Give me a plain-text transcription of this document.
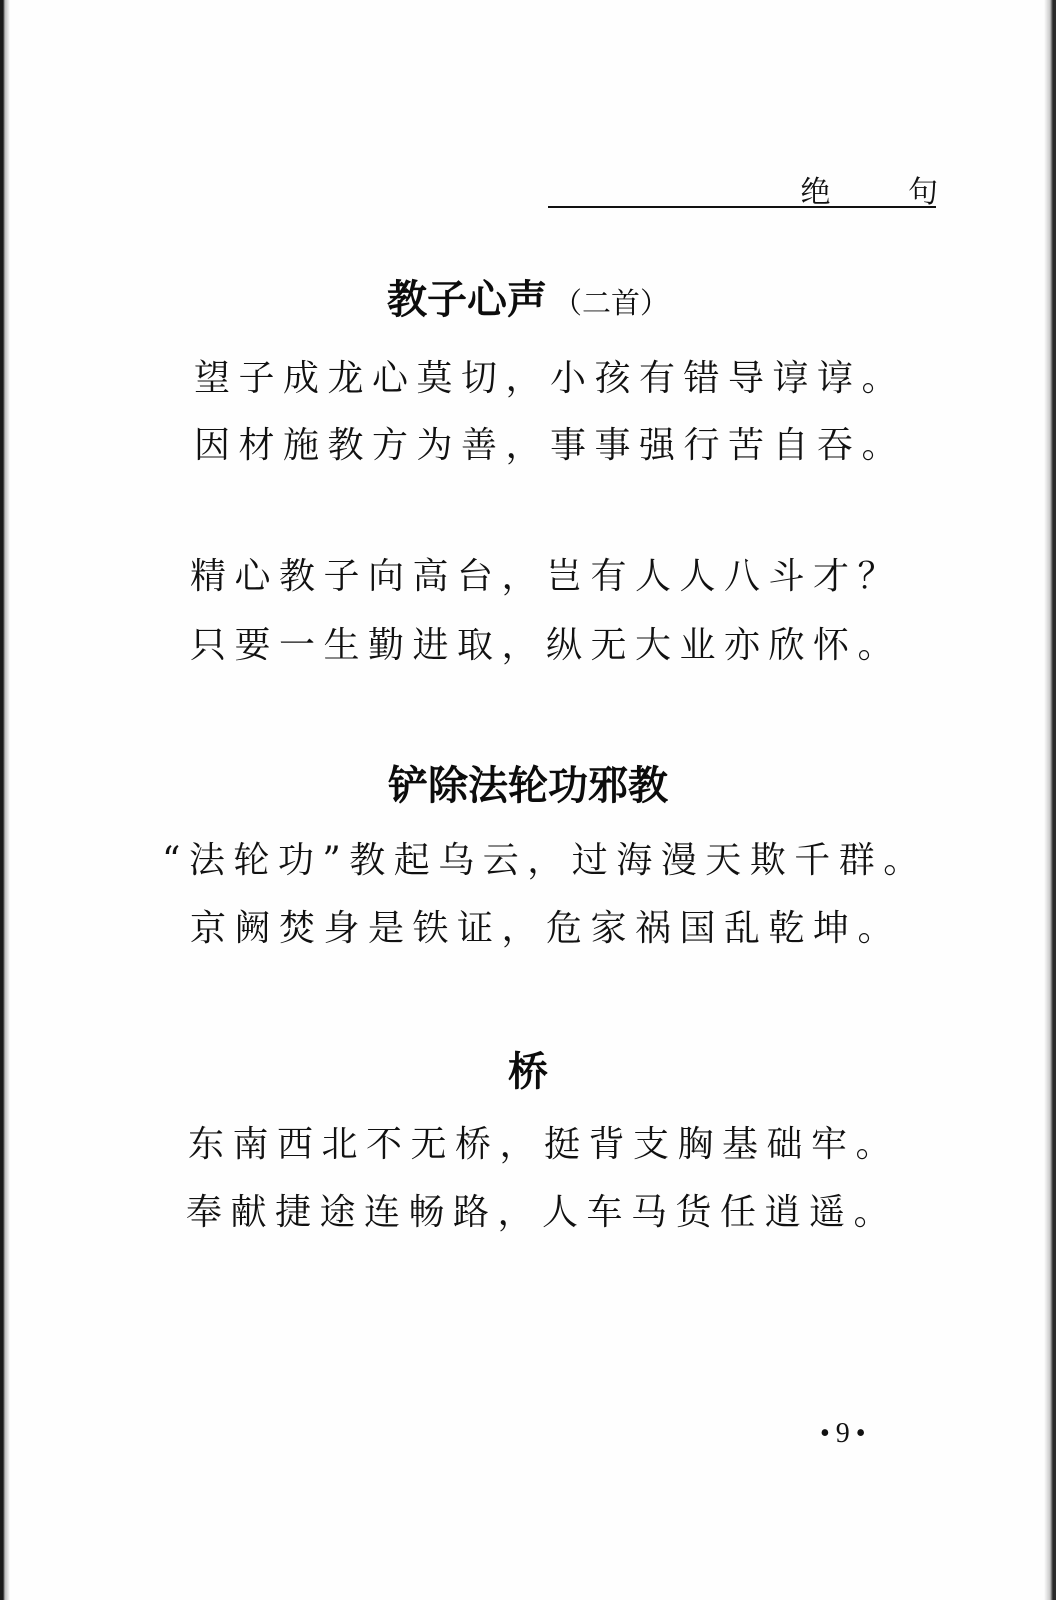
绝 句
教子心声 （二首）
望子成龙心莫切，小孩有错导谆谆。
因材施教方为善，事事强行苦自吞。
精心教子向高台，岂有人人八斗才？
只要一生勤进取，纵无大业亦欣怀。
铲除法轮功邪教
“法轮功”教起乌云，过海漫天欺千群。
京阙焚身是铁证，危家祸国乱乾坤。
桥
东南西北不无桥，挺背支胸基础牢。
奉献捷途连畅路，人车马货任逍遥。
•9•
